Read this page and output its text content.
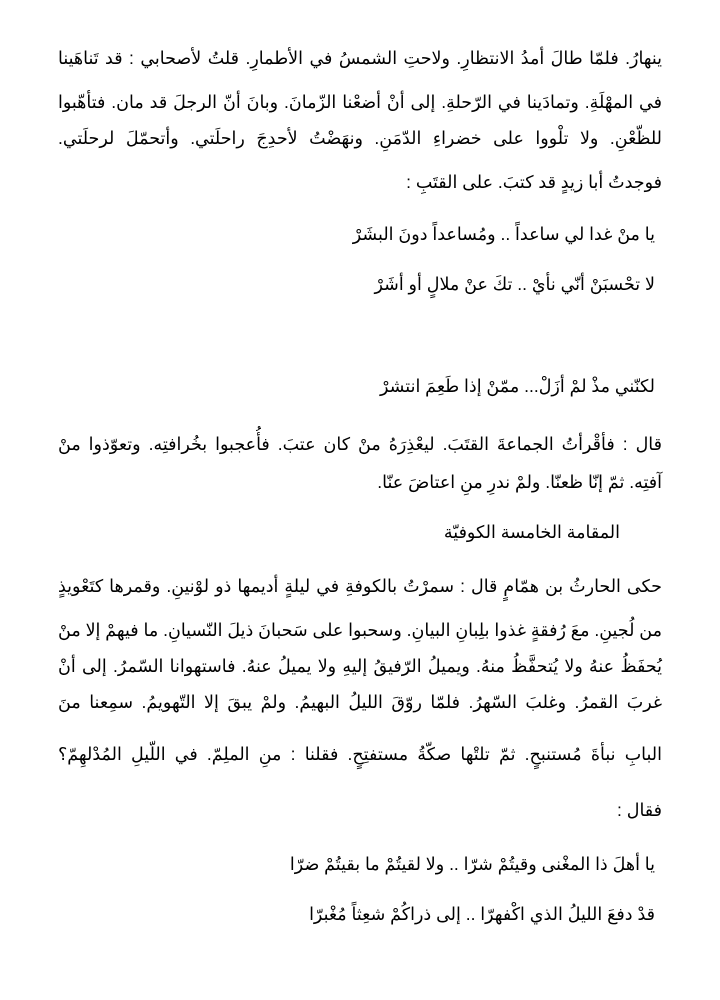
ينهارُ. فلمّا طالَ أمدُ الانتظارِ. ولاحتِ الشمسُ في الأطمارِ. قلتُ لأصحابي : قد تَناهَينا
في المهْلَةِ. وتمادَينا في الرّحلةِ. إلى أنْ أضعْنا الزّمانَ. وبانَ أنّ الرجلَ قد مان. فتأهّبوا
للظّعْنِ. ولا تلْووا على خضراءِ الدّمَنِ. ونهَضْتُ لأحدِجَ راحلَتي. وأتحمّلَ لرحلَتي.
فوجدتُ أبا زيدٍ قد كتبَ. على القتَبِ :
يا منْ غدا لي ساعداً .. ومُساعداً دونَ البشَرْ
لا تحْسبَنْ أنّي نأيْ .. تكَ عنْ ملالٍ أو أشَرْ
لكنّني مذْ لمْ أزَلْ... ممّنْ إذا طَعِمَ انتشرْ
قال : فأقْرأتُ الجماعةَ القتَبَ. ليعْذِرَهُ منْ كان عتبَ. فأُعجبوا بخُرافتِه. وتعوّذوا منْ
آفتِه. ثمّ إنّا ظعنّا. ولمْ ندرِ منِ اعتاضَ عنّا.
المقامة الخامسة الكوفيّة
حكى الحارثُ بن همّامٍ قال : سمرْتُ بالكوفةِ في ليلةٍ أديمها ذو لوْنينِ. وقمرها كتَعْويذٍ
من لُجينِ. معَ رُفقةٍ غذوا بلِبانِ البيانِ. وسحبوا على سَحبانَ ذيلَ النّسيانِ. ما فيهمْ إلا منْ
يُحفَظُ عنهُ ولا يُتحفَّظُ منهُ. ويميلُ الرّفيقُ إليهِ ولا يميلُ عنهُ. فاستهوانا السّمرُ. إلى أنْ
غربَ القمرُ. وغلبَ السّهرُ. فلمّا روّقَ الليلُ البهيمُ. ولمْ يبقَ إلا التّهويمُ. سمِعنا منَ
البابِ نبأةَ مُستنبحٍ. ثمّ تلتْها صكّةُ مستفتِحٍ. فقلنا : منِ الملِمّ. في اللّيلِ المُدْلهِمّ؟
فقال :
يا أهلَ ذا المغْنى وقيتُمْ شرّا .. ولا لقيتُمْ ما بقيتُمْ ضرّا
قدْ دفعَ الليلُ الذي اكْفهرّا .. إلى ذراكُمْ شعِثاً مُغْبرّا
